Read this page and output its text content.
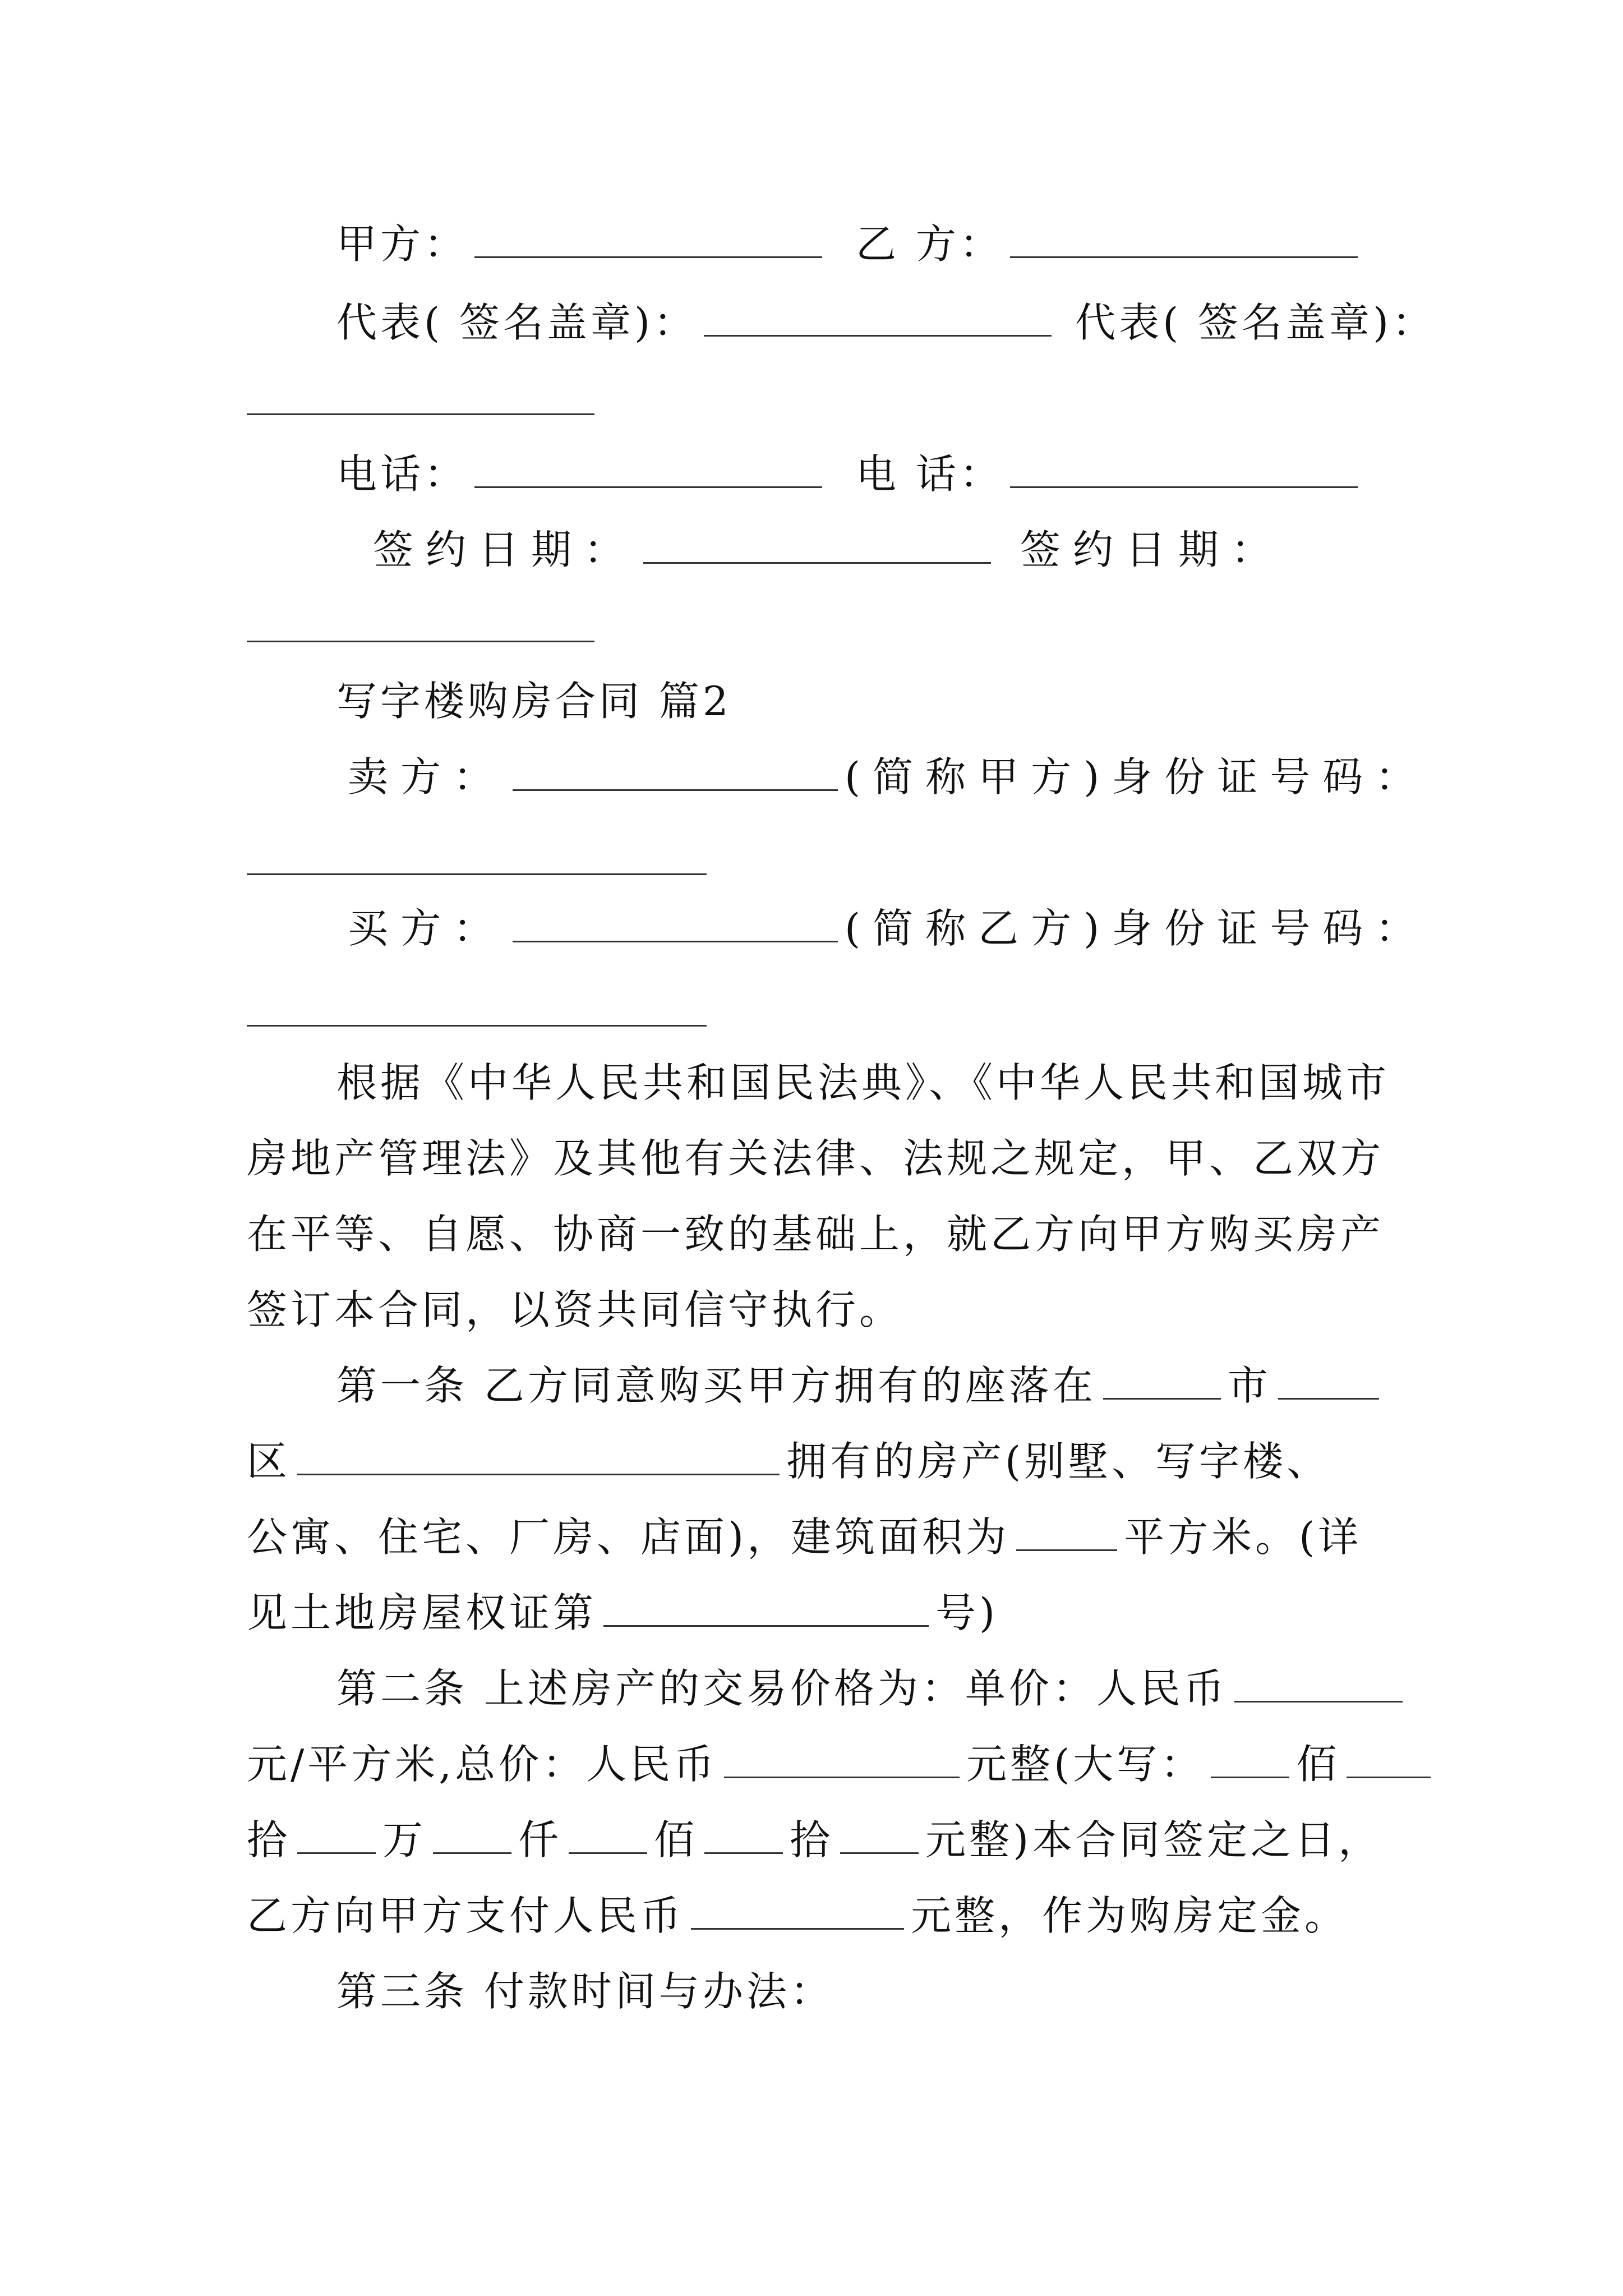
甲方：	乙 方：
代表( 签名盖章)：	代表( 签名盖章)：
电话：	电 话：
签约日期：	签约日期：
写字楼购房合同 篇2
卖方：	(简称甲方)身份证号码：
买方：	(简称乙方)身份证号码：
根据《中华人民共和国民法典》、《中华人民共和国城市
房地产管理法》及其他有关法律、法规之规定，甲、乙双方
在平等、自愿、协商一致的基础上，就乙方向甲方购买房产
签订本合同，以资共同信守执行。
第一条 乙方同意购买甲方拥有的座落在	市
区	拥有的房产(别墅、写字楼、
公寓、住宅、厂房、店面)，建筑面积为	平方米。(详
见土地房屋权证第	号)
第二条 上述房产的交易价格为：单价：人民币
元/平方米,总价：人民币	元整(大写： 佰
拾 万 仟 佰 拾 元整)本合同签定之日，
乙方向甲方支付人民币	元整，作为购房定金。
第三条 付款时间与办法：
